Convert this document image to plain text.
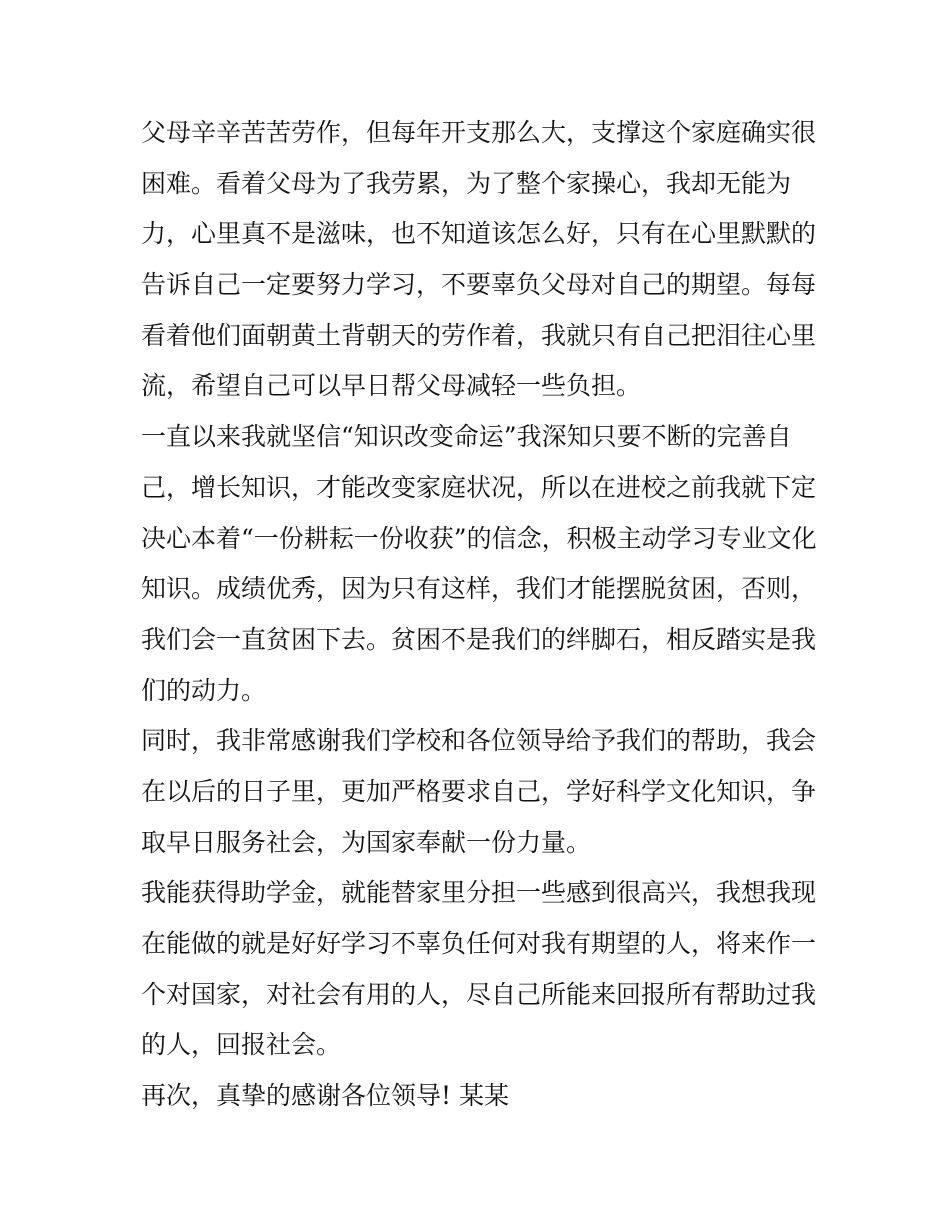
父母辛辛苦苦劳作，但每年开支那么大，支撑这个家庭确实很
困难。看着父母为了我劳累，为了整个家操心，我却无能为
力，心里真不是滋味，也不知道该怎么好，只有在心里默默的
告诉自己一定要努力学习，不要辜负父母对自己的期望。每每
看着他们面朝黄土背朝天的劳作着，我就只有自己把泪往心里
流，希望自己可以早日帮父母减轻一些负担。
一直以来我就坚信“知识改变命运”我深知只要不断的完善自
己，增长知识，才能改变家庭状况，所以在进校之前我就下定
决心本着“一份耕耘一份收获”的信念，积极主动学习专业文化
知识。成绩优秀，因为只有这样，我们才能摆脱贫困，否则，
我们会一直贫困下去。贫困不是我们的绊脚石，相反踏实是我
们的动力。
同时，我非常感谢我们学校和各位领导给予我们的帮助，我会
在以后的日子里，更加严格要求自己，学好科学文化知识，争
取早日服务社会，为国家奉献一份力量。
我能获得助学金，就能替家里分担一些感到很高兴，我想我现
在能做的就是好好学习不辜负任何对我有期望的人，将来作一
个对国家，对社会有用的人，尽自己所能来回报所有帮助过我
的人，回报社会。
再次，真挚的感谢各位领导! 某某
